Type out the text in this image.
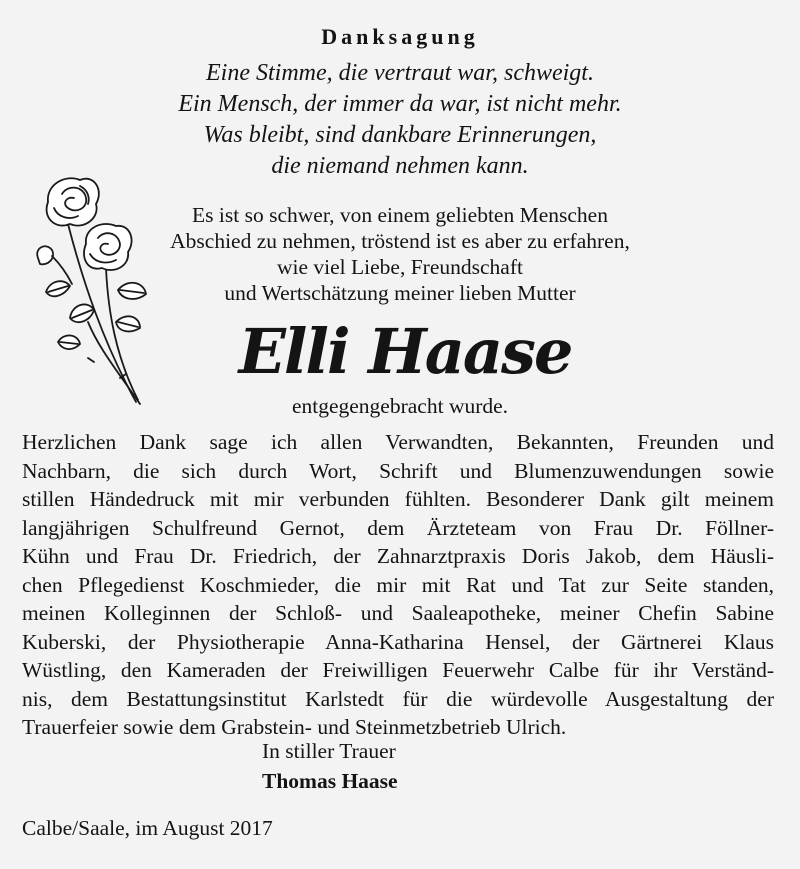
Danksagung
Eine Stimme, die vertraut war, schweigt.
Ein Mensch, der immer da war, ist nicht mehr.
Was bleibt, sind dankbare Erinnerungen,
die niemand nehmen kann.
Es ist so schwer, von einem geliebten Menschen
Abschied zu nehmen, tröstend ist es aber zu erfahren,
wie viel Liebe, Freundschaft
und Wertschätzung meiner lieben Mutter
Elli Haase
entgegengebracht wurde.
Herzlichen Dank sage ich allen Verwandten, Bekannten, Freunden und
Nachbarn, die sich durch Wort, Schrift und Blumenzuwendungen sowie
stillen Händedruck mit mir verbunden fühlten. Besonderer Dank gilt meinem
langjährigen Schulfreund Gernot, dem Ärzteteam von Frau Dr. Föllner-
Kühn und Frau Dr. Friedrich, der Zahnarztpraxis Doris Jakob, dem Häusli-
chen Pflegedienst Koschmieder, die mir mit Rat und Tat zur Seite standen,
meinen Kolleginnen der Schloß- und Saaleapotheke, meiner Chefin Sabine
Kuberski, der Physiotherapie Anna-Katharina Hensel, der Gärtnerei Klaus
Wüstling, den Kameraden der Freiwilligen Feuerwehr Calbe für ihr Verständ-
nis, dem Bestattungsinstitut Karlstedt für die würdevolle Ausgestaltung der
Trauerfeier sowie dem Grabstein- und Steinmetzbetrieb Ulrich.
In stiller Trauer
Thomas Haase
Calbe/Saale, im August 2017
